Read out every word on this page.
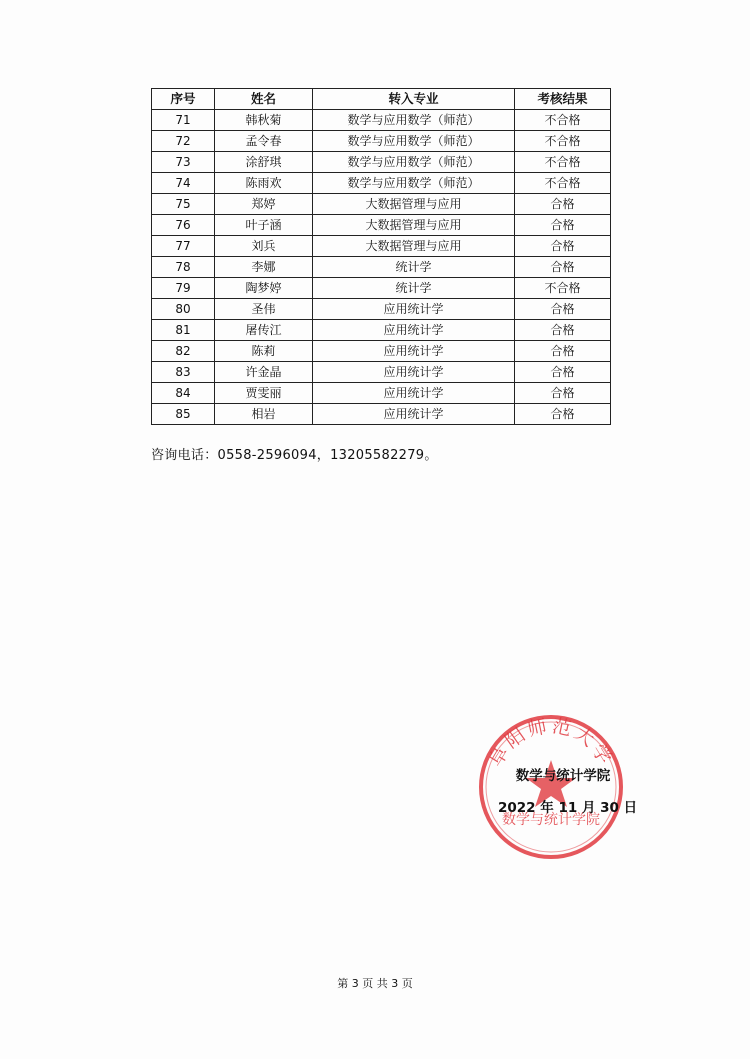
序号	姓名	转入专业	考核结果
71	韩秋菊	数学与应用数学（师范）	不合格
72	孟令春	数学与应用数学（师范）	不合格
73	涂舒琪	数学与应用数学（师范）	不合格
74	陈雨欢	数学与应用数学（师范）	不合格
75	郑婷	大数据管理与应用	合格
76	叶子涵	大数据管理与应用	合格
77	刘兵	大数据管理与应用	合格
78	李娜	统计学	合格
79	陶梦婷	统计学	不合格
80	圣伟	应用统计学	合格
81	屠传江	应用统计学	合格
82	陈莉	应用统计学	合格
83	许金晶	应用统计学	合格
84	贾雯丽	应用统计学	合格
85	相岩	应用统计学	合格
咨询电话：0558-2596094，13205582279。
阜阳师范大学
数学与统计学院
数学与统计学院
2022 年 11 月 30 日
第 3 页 共 3 页
